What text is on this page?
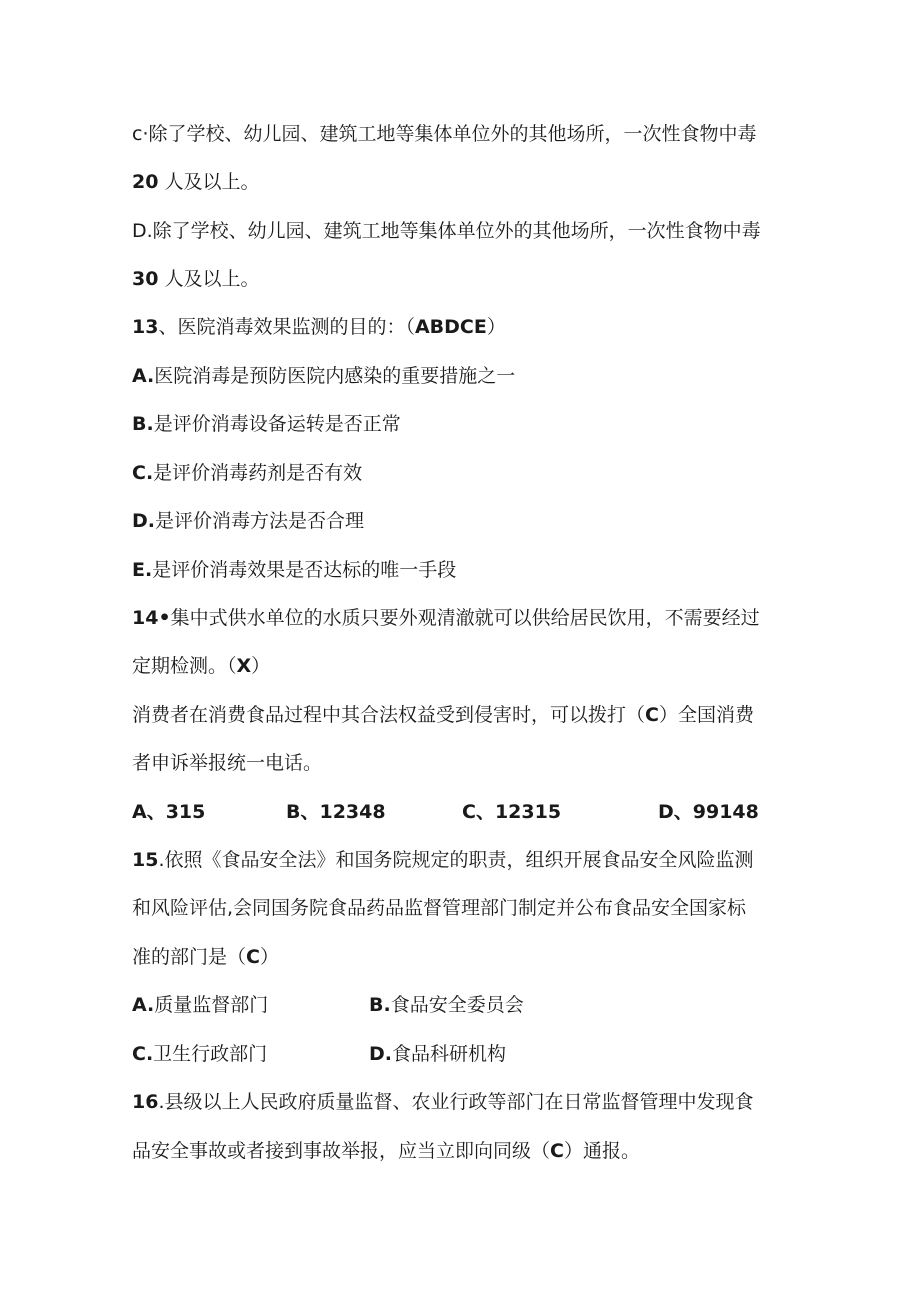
c·除了学校、幼儿园、建筑工地等集体单位外的其他场所，一次性食物中毒
20 人及以上。
D.除了学校、幼儿园、建筑工地等集体单位外的其他场所，一次性食物中毒
30 人及以上。
13、医院消毒效果监测的目的：（ABDCE）
A.医院消毒是预防医院内感染的重要措施之一
B.是评价消毒设备运转是否正常
C.是评价消毒药剂是否有效
D.是评价消毒方法是否合理
E.是评价消毒效果是否达标的唯一手段
14•集中式供水单位的水质只要外观清澈就可以供给居民饮用，不需要经过
定期检测。（X）
消费者在消费食品过程中其合法权益受到侵害时，可以拨打（C）全国消费
者申诉举报统一电话。
A、315	B、12348	C、12315	D、99148
15.依照《食品安全法》和国务院规定的职责，组织开展食品安全风险监测
和风险评估,会同国务院食品药品监督管理部门制定并公布食品安全国家标
准的部门是（C）
A.质量监督部门	B.食品安全委员会
C.卫生行政部门	D.食品科研机构
16.县级以上人民政府质量监督、农业行政等部门在日常监督管理中发现食
品安全事故或者接到事故举报，应当立即向同级（C）通报。
